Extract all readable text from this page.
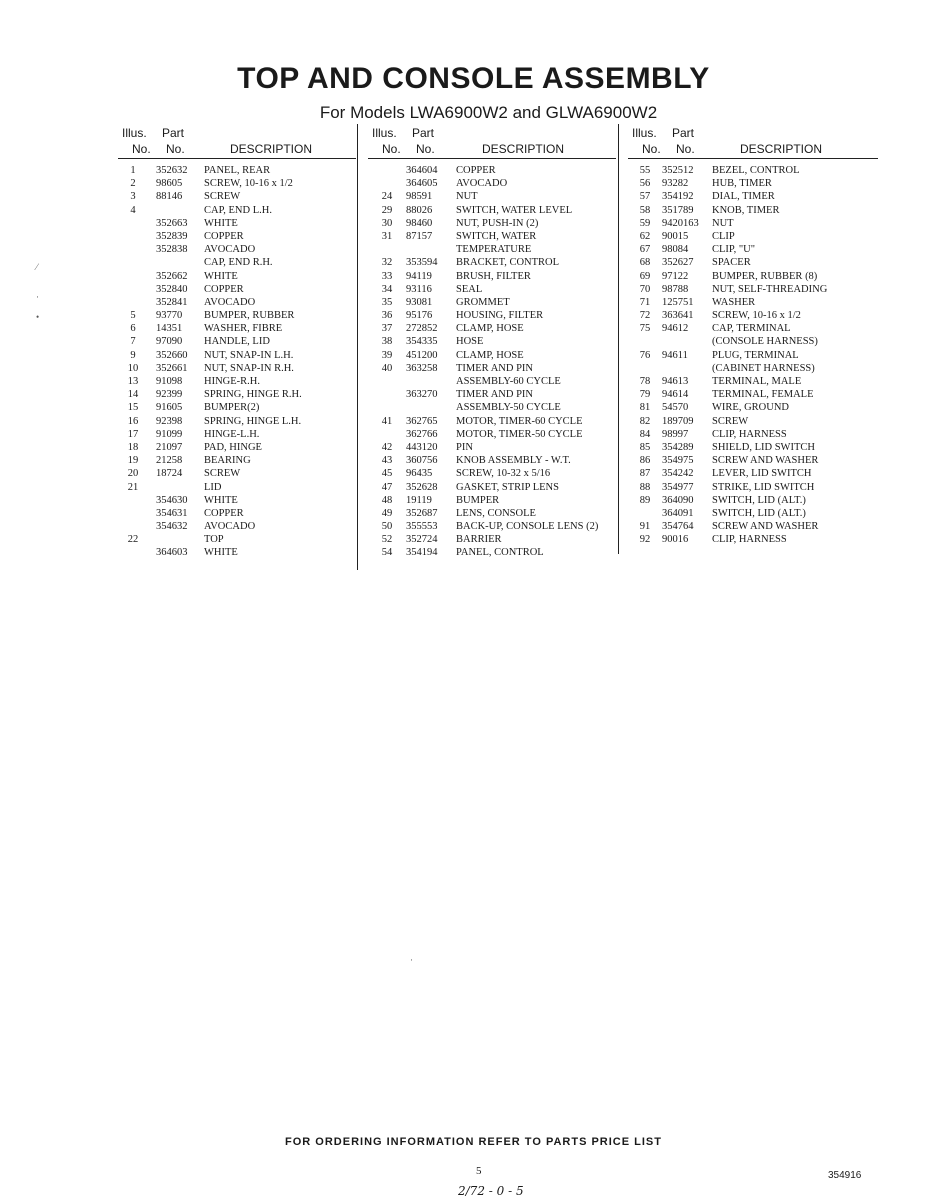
TOP AND CONSOLE ASSEMBLY
For Models LWA6900W2 and GLWA6900W2
⁄
·
•
·
Illus.
No.	DESCRIPTION
Part
No.
1	352632 PANEL, REAR
2	98605 SCREW, 10-16 x 1/2
3	88146 SCREW
4	CAP, END L.H.
352663 WHITE
352839 COPPER
352838 AVOCADO
CAP, END R.H.
352662 WHITE
352840 COPPER
352841 AVOCADO
5	93770 BUMPER, RUBBER
6	14351 WASHER, FIBRE
7	97090 HANDLE, LID
9	352660 NUT, SNAP-IN L.H.
10 352661 NUT, SNAP-IN R.H.
13 91098 HINGE-R.H.
14 92399 SPRING, HINGE R.H.
15 91605 BUMPER(2)
16 92398 SPRING, HINGE L.H.
17 91099 HINGE-L.H.
18 21097 PAD, HINGE
19 21258 BEARING
20 18724 SCREW
21	LID
354630 WHITE
354631 COPPER
354632 AVOCADO
22	TOP
364603 WHITE
Illus.
No.	DESCRIPTION
Part
No.
364604 COPPER
364605 AVOCADO
24 98591 NUT
29 88026 SWITCH, WATER LEVEL
30 98460 NUT, PUSH-IN (2)
31 87157 SWITCH, WATER
TEMPERATURE
32 353594 BRACKET, CONTROL
33 94119 BRUSH, FILTER
34 93116 SEAL
35 93081 GROMMET
36 95176 HOUSING, FILTER
37 272852 CLAMP, HOSE
38 354335 HOSE
39 451200 CLAMP, HOSE
40 363258 TIMER AND PIN
ASSEMBLY-60 CYCLE
363270 TIMER AND PIN
ASSEMBLY-50 CYCLE
41 362765 MOTOR, TIMER-60 CYCLE
362766 MOTOR, TIMER-50 CYCLE
42 443120 PIN
43 360756 KNOB ASSEMBLY - W.T.
45 96435 SCREW, 10-32 x 5/16
47 352628 GASKET, STRIP LENS
48 19119 BUMPER
49 352687 LENS, CONSOLE
50 355553 BACK-UP, CONSOLE LENS (2)
52 352724 BARRIER
54 354194 PANEL, CONTROL
Illus.
No.	DESCRIPTION
Part
No.
55 352512 BEZEL, CONTROL
56 93282 HUB, TIMER
57 354192 DIAL, TIMER
58 351789 KNOB, TIMER
59 9420163 NUT
62 90015 CLIP
67 98084 CLIP, "U"
68 352627 SPACER
69 97122 BUMPER, RUBBER (8)
70 98788 NUT, SELF-THREADING
71 125751 WASHER
72 363641 SCREW, 10-16 x 1/2
75 94612 CAP, TERMINAL
(CONSOLE HARNESS)
76 94611 PLUG, TERMINAL
(CABINET HARNESS)
78 94613 TERMINAL, MALE
79 94614 TERMINAL, FEMALE
81 54570 WIRE, GROUND
82 189709 SCREW
84 98997 CLIP, HARNESS
85 354289 SHIELD, LID SWITCH
86 354975 SCREW AND WASHER
87 354242 LEVER, LID SWITCH
88 354977 STRIKE, LID SWITCH
89 364090 SWITCH, LID (ALT.)
364091 SWITCH, LID (ALT.)
91 354764 SCREW AND WASHER
92 90016 CLIP, HARNESS
FOR ORDERING INFORMATION REFER TO PARTS PRICE LIST
5	354916
2/72 - 0 - 5
